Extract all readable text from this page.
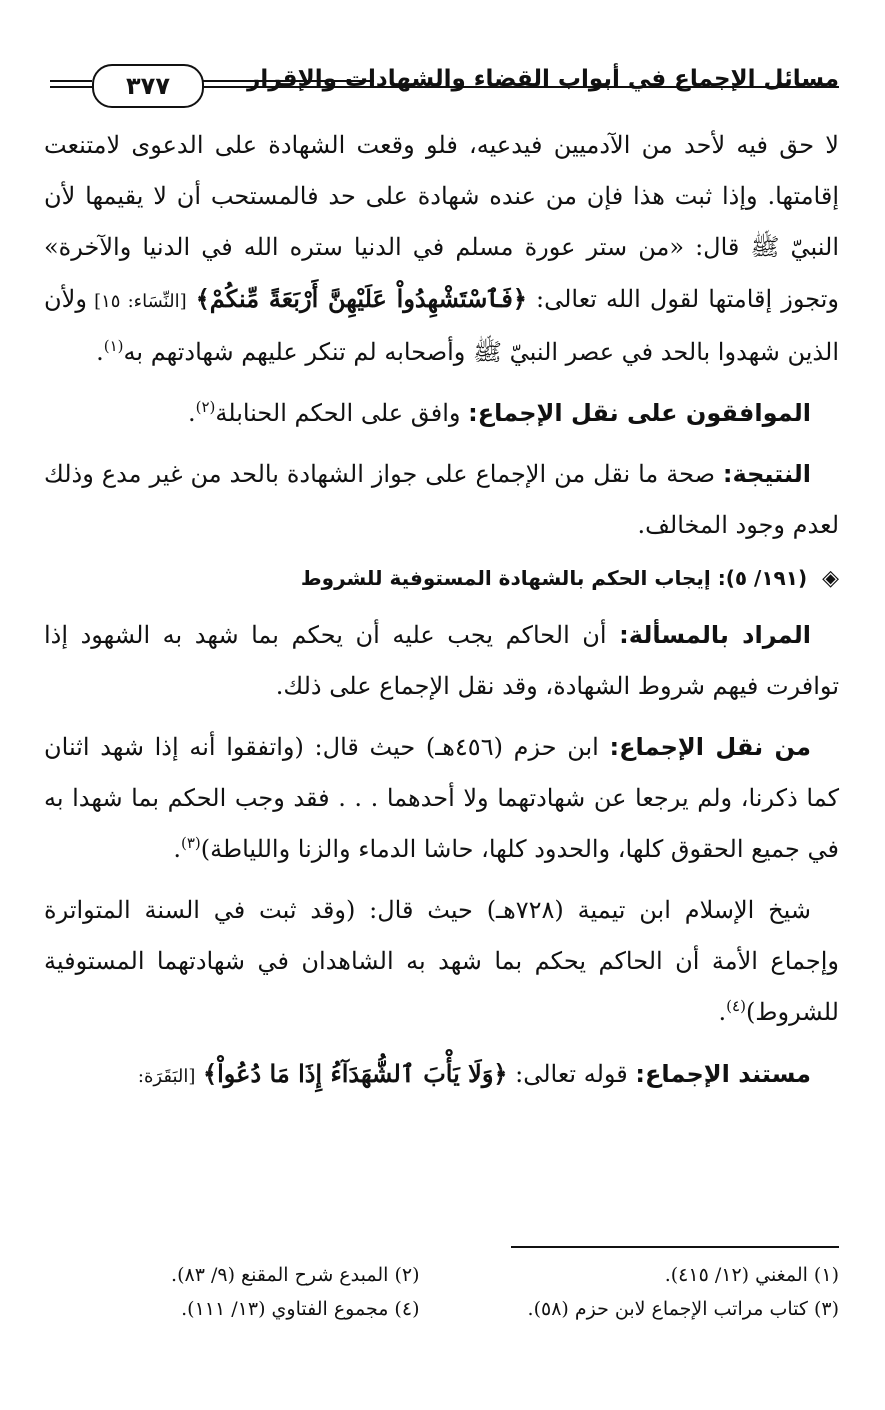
مسائل الإجماع في أبواب القضاء والشهادات والإقرار
٣٧٧

لا حق فيه لأحد من الآدميين فيدعيه، فلو وقعت الشهادة على الدعوى لامتنعت إقامتها. وإذا ثبت هذا فإن من عنده شهادة على حد فالمستحب أن لا يقيمها لأن النبيّ ﷺ قال: «من ستر عورة مسلم في الدنيا ستره الله في الدنيا والآخرة» وتجوز إقامتها لقول الله تعالى: ﴿فَٱسْتَشْهِدُواْ عَلَيْهِنَّ أَرْبَعَةً مِّنكُمْ﴾ [النِّسَاء: ١٥] ولأن الذين شهدوا بالحد في عصر النبيّ ﷺ وأصحابه لم تنكر عليهم شهادتهم به$^{(١)}$.

الموافقون على نقل الإجماع: وافق على الحكم الحنابلة$^{(٢)}$.

النتيجة: صحة ما نقل من الإجماع على جواز الشهادة بالحد من غير مدع وذلك لعدم وجود المخالف.

◈ (١٩١/ ٥): إيجاب الحكم بالشهادة المستوفية للشروط

المراد بالمسألة: أن الحاكم يجب عليه أن يحكم بما شهد به الشهود إذا توافرت فيهم شروط الشهادة، وقد نقل الإجماع على ذلك.

من نقل الإجماع: ابن حزم (٤٥٦هـ) حيث قال: (واتفقوا أنه إذا شهد اثنان كما ذكرنا، ولم يرجعا عن شهادتهما ولا أحدهما . . . فقد وجب الحكم بما شهدا به في جميع الحقوق كلها، والحدود كلها، حاشا الدماء والزنا واللياطة)$^{(٣)}$.

شيخ الإسلام ابن تيمية (٧٢٨هـ) حيث قال: (وقد ثبت في السنة المتواترة وإجماع الأمة أن الحاكم يحكم بما شهد به الشاهدان في شهادتهما المستوفية للشروط)$^{(٤)}$.

مستند الإجماع: قوله تعالى: ﴿وَلَا يَأْبَ ٱلشُّهَدَآءُ إِذَا مَا دُعُواْ﴾ [البَقَرَة:

(١) المغني (١٢/ ٤١٥).
(٢) المبدع شرح المقنع (٩/ ٨٣).
(٣) كتاب مراتب الإجماع لابن حزم (٥٨).
(٤) مجموع الفتاوي (١٣/ ١١١).
